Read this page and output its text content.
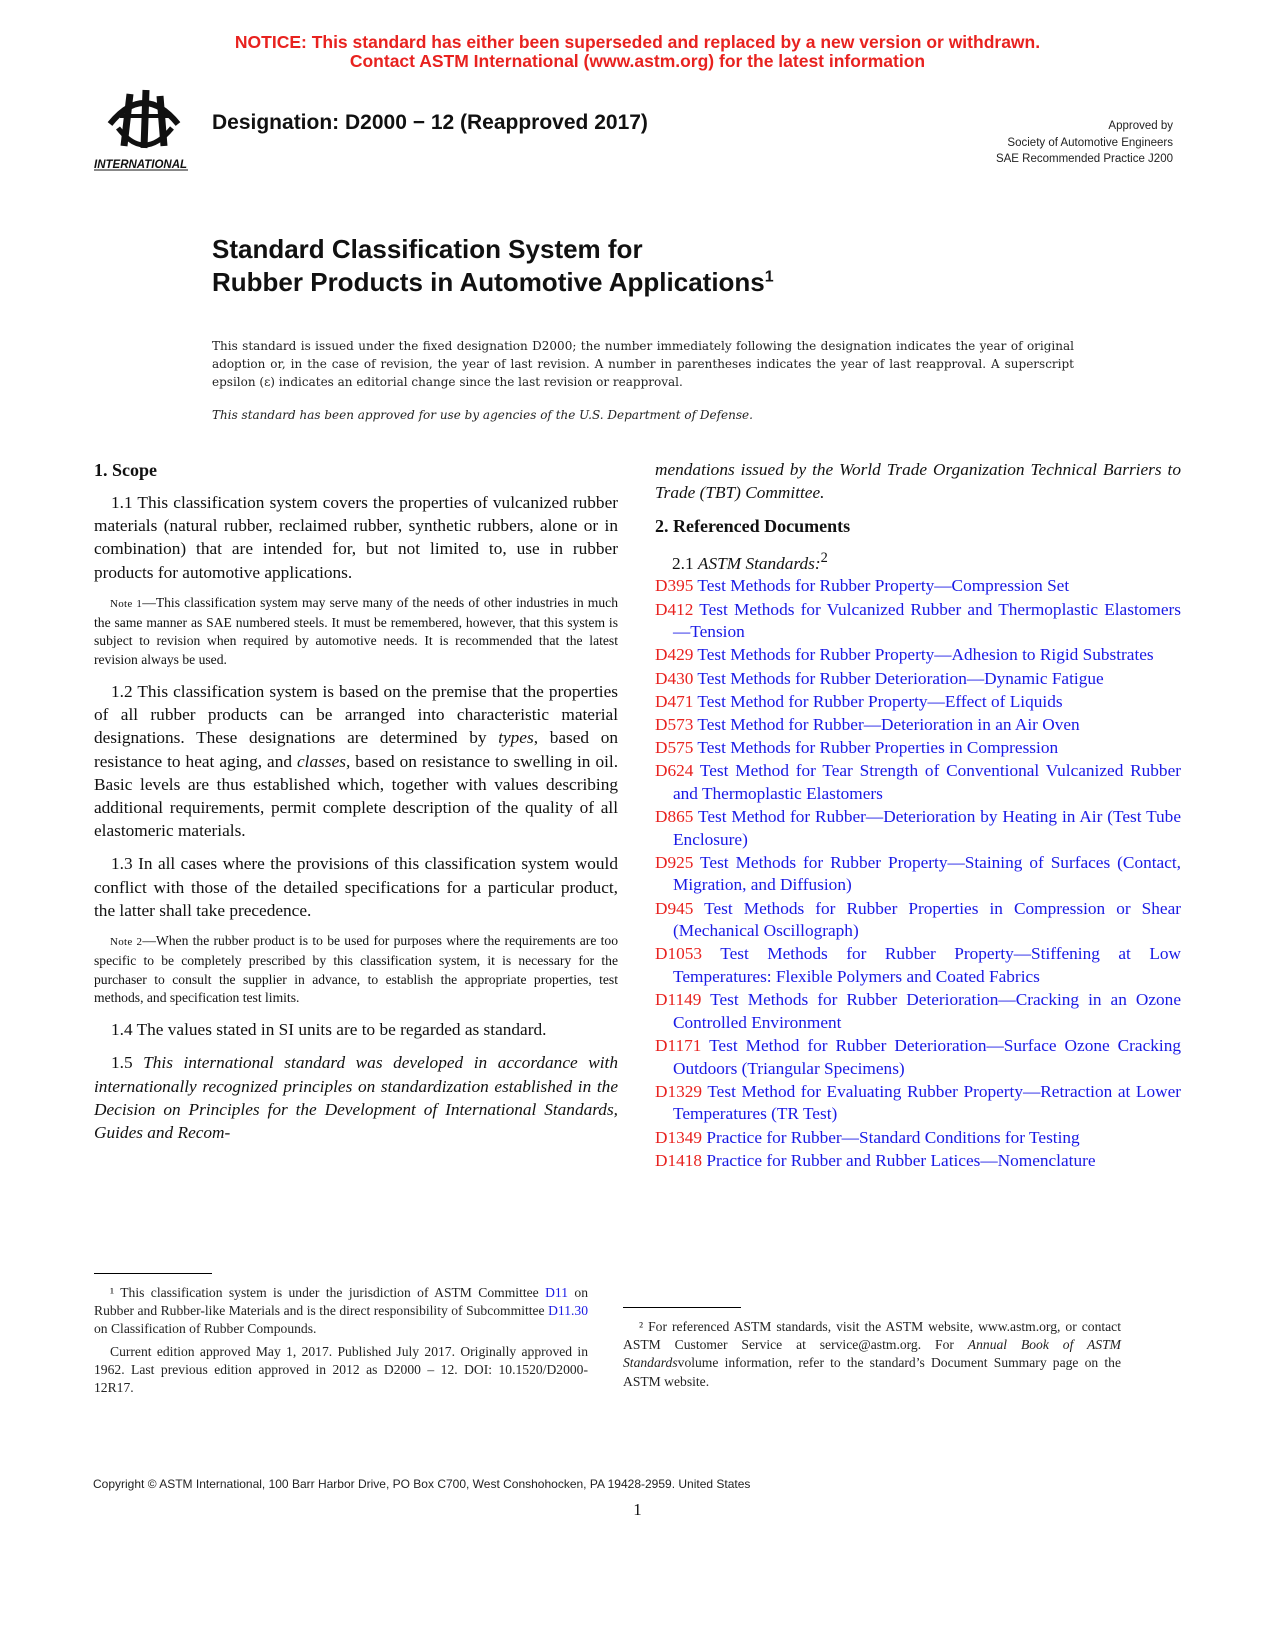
NOTICE: This standard has either been superseded and replaced by a new version or withdrawn.
Contact ASTM International (www.astm.org) for the latest information
INTERNATIONAL
Designation: D2000 − 12 (Reapproved 2017)	Approved by
Society of Automotive Engineers
SAE Recommended Practice J200
Standard Classification System for
Rubber Products in Automotive Applications$^1$
This standard is issued under the fixed designation D2000; the number immediately following the designation indicates the year of original adoption or, in the case of revision, the year of last revision. A number in parentheses indicates the year of last reapproval. A superscript epsilon (ε) indicates an editorial change since the last revision or reapproval.
This standard has been approved for use by agencies of the U.S. Department of Defense.

1. Scope

1.1 This classification system covers the properties of vulcanized rubber materials (natural rubber, reclaimed rubber, synthetic rubbers, alone or in combination) that are intended for, but not limited to, use in rubber products for automotive applications.

Note 1—This classification system may serve many of the needs of other industries in much the same manner as SAE numbered steels. It must be remembered, however, that this system is subject to revision when required by automotive needs. It is recommended that the latest revision always be used.

1.2 This classification system is based on the premise that the properties of all rubber products can be arranged into characteristic material designations. These designations are determined by types, based on resistance to heat aging, and classes, based on resistance to swelling in oil. Basic levels are thus established which, together with values describing additional requirements, permit complete description of the quality of all elastomeric materials.

1.3 In all cases where the provisions of this classification system would conflict with those of the detailed specifications for a particular product, the latter shall take precedence.

Note 2—When the rubber product is to be used for purposes where the requirements are too specific to be completely prescribed by this classification system, it is necessary for the purchaser to consult the supplier in advance, to establish the appropriate properties, test methods, and specification test limits.

1.4 The values stated in SI units are to be regarded as standard.

1.5 This international standard was developed in accordance with internationally recognized principles on standardization established in the Decision on Principles for the Development of International Standards, Guides and Recom-

mendations issued by the World Trade Organization Technical Barriers to Trade (TBT) Committee.

2. Referenced Documents

2.1 ASTM Standards:$^2$

D395 Test Methods for Rubber Property—Compression Set
D412 Test Methods for Vulcanized Rubber and Thermoplastic Elastomers—Tension
D429 Test Methods for Rubber Property—Adhesion to Rigid Substrates
D430 Test Methods for Rubber Deterioration—Dynamic Fatigue
D471 Test Method for Rubber Property—Effect of Liquids
D573 Test Method for Rubber—Deterioration in an Air Oven
D575 Test Methods for Rubber Properties in Compression
D624 Test Method for Tear Strength of Conventional Vulcanized Rubber and Thermoplastic Elastomers
D865 Test Method for Rubber—Deterioration by Heating in Air (Test Tube Enclosure)
D925 Test Methods for Rubber Property—Staining of Surfaces (Contact, Migration, and Diffusion)
D945 Test Methods for Rubber Properties in Compression or Shear (Mechanical Oscillograph)
D1053 Test Methods for Rubber Property—Stiffening at Low Temperatures: Flexible Polymers and Coated Fabrics
D1149 Test Methods for Rubber Deterioration—Cracking in an Ozone Controlled Environment
D1171 Test Method for Rubber Deterioration—Surface Ozone Cracking Outdoors (Triangular Specimens)
D1329 Test Method for Evaluating Rubber Property—Retraction at Lower Temperatures (TR Test)
D1349 Practice for Rubber—Standard Conditions for Testing
D1418 Practice for Rubber and Rubber Latices—Nomenclature

¹ This classification system is under the jurisdiction of ASTM Committee D11 on Rubber and Rubber-like Materials and is the direct responsibility of Subcommittee D11.30 on Classification of Rubber Compounds.

Current edition approved May 1, 2017. Published July 2017. Originally approved in 1962. Last previous edition approved in 2012 as D2000 – 12. DOI: 10.1520/D2000-12R17.

² For referenced ASTM standards, visit the ASTM website, www.astm.org, or contact ASTM Customer Service at service@astm.org. For Annual Book of ASTM Standardsvolume information, refer to the standard’s Document Summary page on the ASTM website.

Copyright © ASTM International, 100 Barr Harbor Drive, PO Box C700, West Conshohocken, PA 19428-2959. United States
1
